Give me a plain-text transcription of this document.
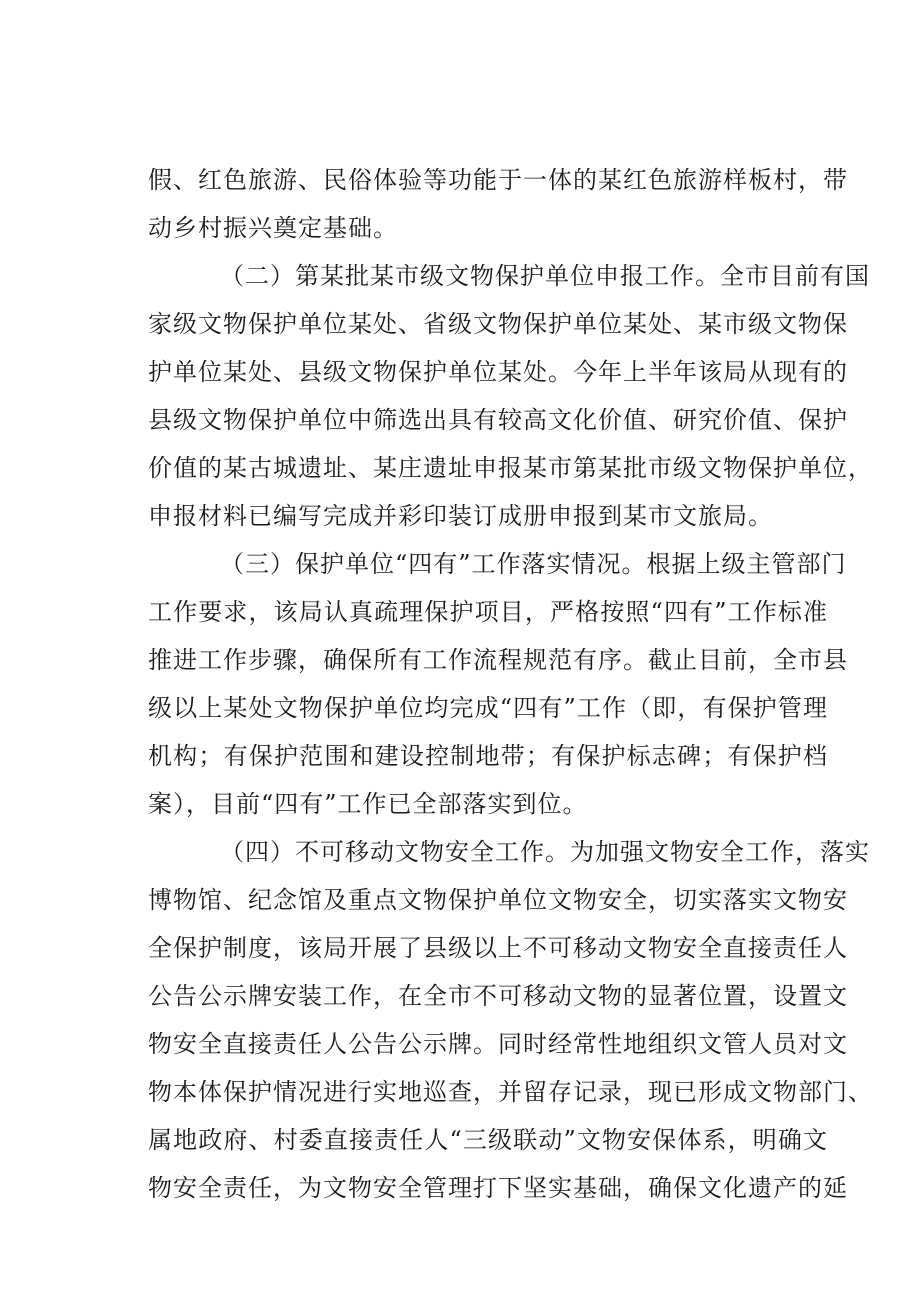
假、红色旅游、民俗体验等功能于一体的某红色旅游样板村，带
动乡村振兴奠定基础。
（二）第某批某市级文物保护单位申报工作。全市目前有国
家级文物保护单位某处、省级文物保护单位某处、某市级文物保
护单位某处、县级文物保护单位某处。今年上半年该局从现有的
县级文物保护单位中筛选出具有较高文化价值、研究价值、保护
价值的某古城遗址、某庄遗址申报某市第某批市级文物保护单位，
申报材料已编写完成并彩印装订成册申报到某市文旅局。
（三）保护单位“四有”工作落实情况。根据上级主管部门
工作要求，该局认真疏理保护项目，严格按照“四有”工作标准
推进工作步骤，确保所有工作流程规范有序。截止目前，全市县
级以上某处文物保护单位均完成“四有”工作（即，有保护管理
机构；有保护范围和建设控制地带；有保护标志碑；有保护档
案），目前“四有”工作已全部落实到位。
（四）不可移动文物安全工作。为加强文物安全工作，落实
博物馆、纪念馆及重点文物保护单位文物安全，切实落实文物安
全保护制度，该局开展了县级以上不可移动文物安全直接责任人
公告公示牌安装工作，在全市不可移动文物的显著位置，设置文
物安全直接责任人公告公示牌。同时经常性地组织文管人员对文
物本体保护情况进行实地巡查，并留存记录，现已形成文物部门、
属地政府、村委直接责任人“三级联动”文物安保体系，明确文
物安全责任，为文物安全管理打下坚实基础，确保文化遗产的延
